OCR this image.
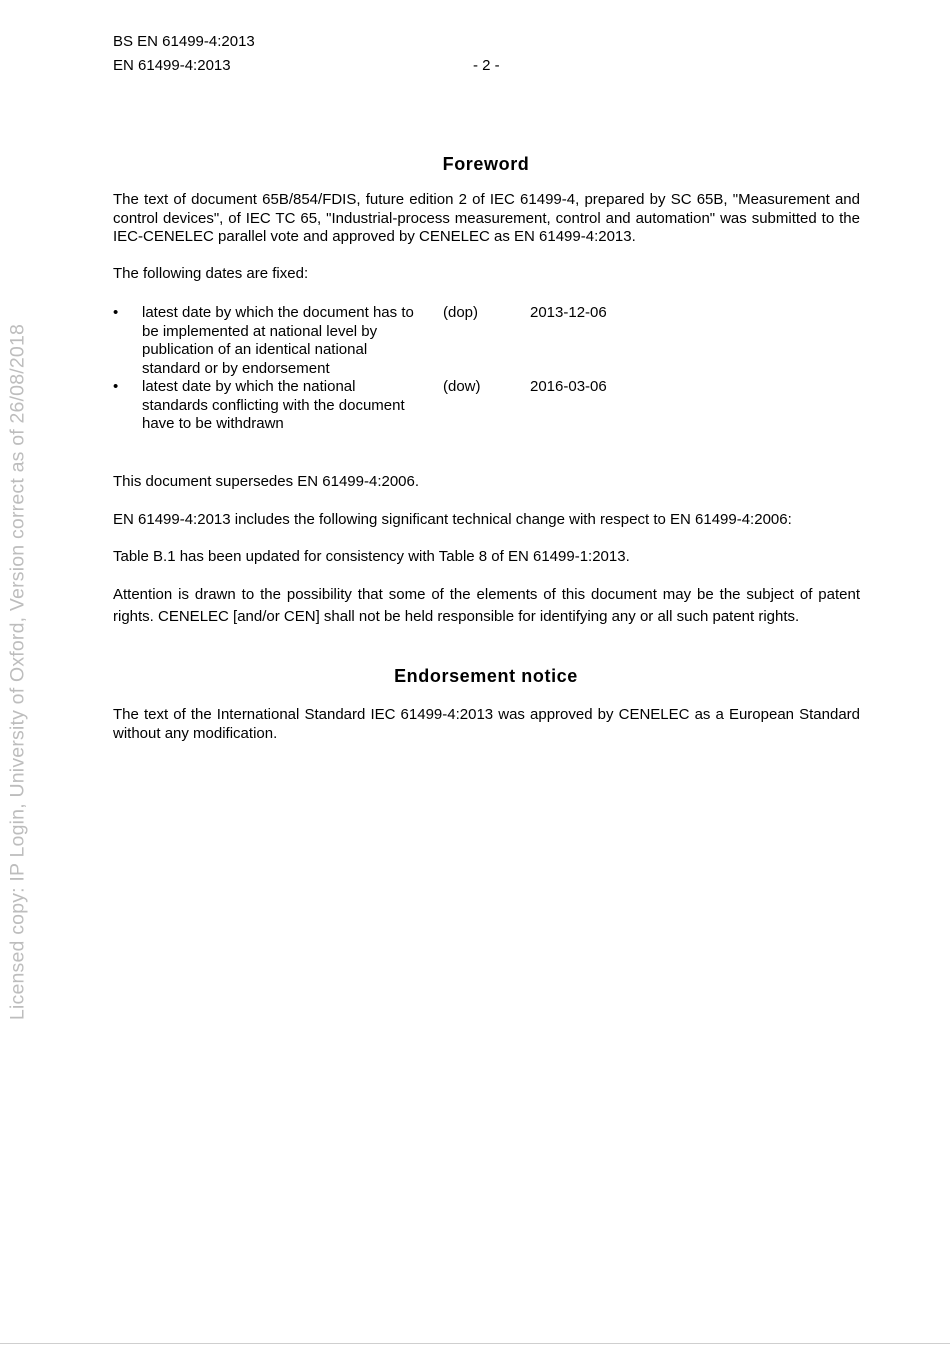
Licensed copy: IP Login, University of Oxford, Version correct as of 26/08/2018
BS EN 61499-4:2013
EN 61499-4:2013	- 2 -
Foreword
The text of document 65B/854/FDIS, future edition 2 of IEC 61499-4, prepared by SC 65B, "Measurement and control devices", of IEC TC 65, "Industrial-process measurement, control and automation" was submitted to the IEC-CENELEC parallel vote and approved by CENELEC as EN 61499-4:2013.
The following dates are fixed:
• latest date by which the document has to be implemented at national level by publication of an identical national standard or by endorsement
(dop)	2013-12-06
• latest date by which the national standards conflicting with the document have to be withdrawn
(dow)	2016-03-06
This document supersedes EN 61499-4:2006.
EN 61499-4:2013 includes the following significant technical change with respect to EN 61499-4:2006:
Table B.1 has been updated for consistency with Table 8 of EN 61499-1:2013.
Attention is drawn to the possibility that some of the elements of this document may be the subject of patent rights. CENELEC [and/or CEN] shall not be held responsible for identifying any or all such patent rights.
Endorsement notice
The text of the International Standard IEC 61499-4:2013 was approved by CENELEC as a European Standard without any modification.
